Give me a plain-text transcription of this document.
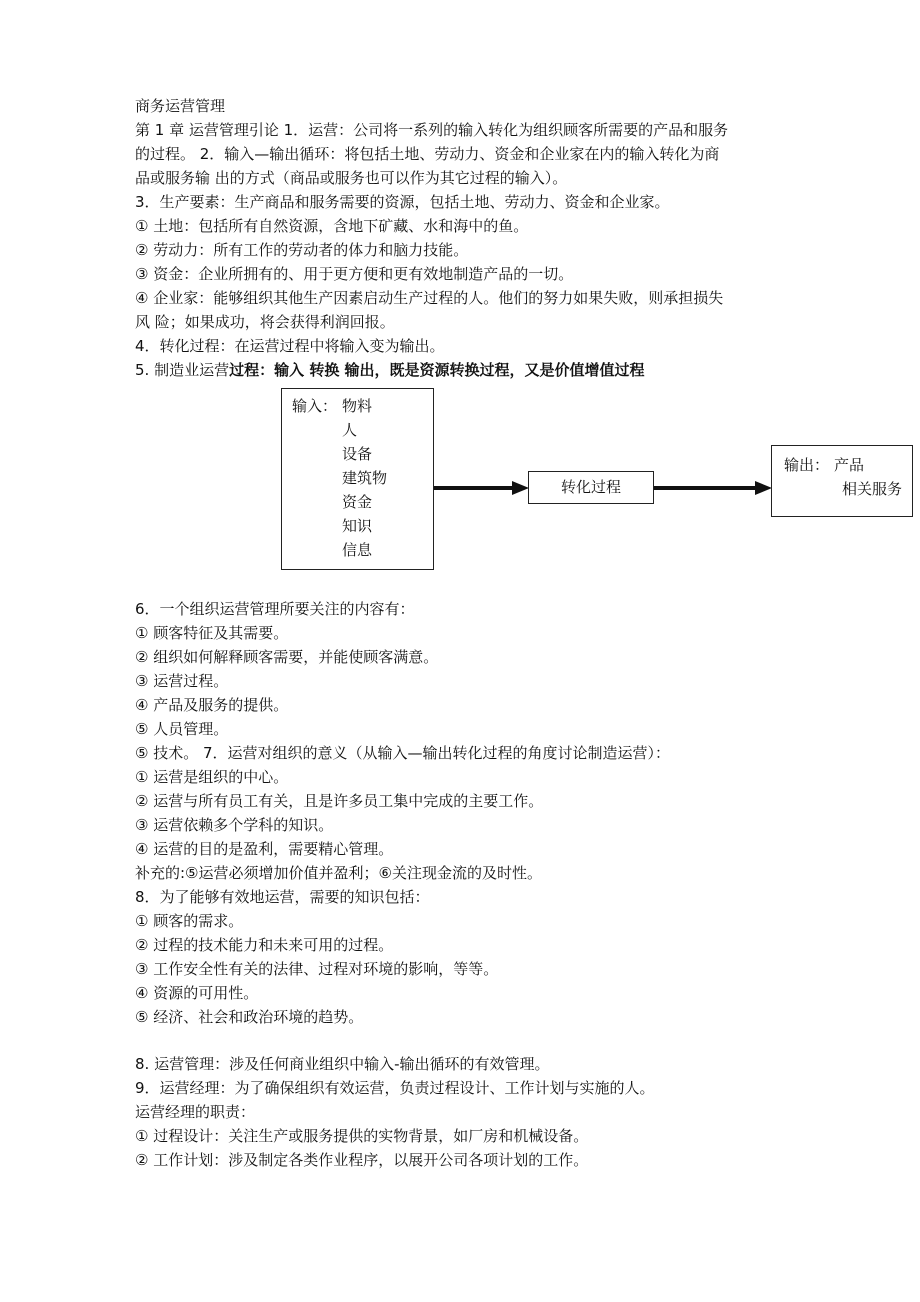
商务运营管理
第 1 章 运营管理引论 1．运营：公司将一系列的输入转化为组织顾客所需要的产品和服务
的过程。 2．输入—输出循环：将包括土地、劳动力、资金和企业家在内的输入转化为商
品或服务输 出的方式（商品或服务也可以作为其它过程的输入）。
3．生产要素：生产商品和服务需要的资源，包括土地、劳动力、资金和企业家。
① 土地：包括所有自然资源，含地下矿藏、水和海中的鱼。
② 劳动力：所有工作的劳动者的体力和脑力技能。
③ 资金：企业所拥有的、用于更方便和更有效地制造产品的一切。
④ 企业家：能够组织其他生产因素启动生产过程的人。他们的努力如果失败，则承担损失
风 险；如果成功，将会获得利润回报。
4．转化过程：在运营过程中将输入变为输出。
5. 制造业运营过程：输入 转换 输出，既是资源转换过程，又是价值增值过程
输入： 物料
人
设备
建筑物
资金
知识
信息
转化过程
输出： 产品
相关服务
6．一个组织运营管理所要关注的内容有：
① 顾客特征及其需要。
② 组织如何解释顾客需要，并能使顾客满意。
③ 运营过程。
④ 产品及服务的提供。
⑤ 人员管理。
⑤ 技术。 7．运营对组织的意义（从输入—输出转化过程的角度讨论制造运营）：
① 运营是组织的中心。
② 运营与所有员工有关，且是许多员工集中完成的主要工作。
③ 运营依赖多个学科的知识。
④ 运营的目的是盈利，需要精心管理。
补充的:⑤运营必须增加价值并盈利；⑥关注现金流的及时性。
8．为了能够有效地运营，需要的知识包括：
① 顾客的需求。
② 过程的技术能力和未来可用的过程。
③ 工作安全性有关的法律、过程对环境的影响，等等。
④ 资源的可用性。
⑤ 经济、社会和政治环境的趋势。
8. 运营管理：涉及任何商业组织中输入-输出循环的有效管理。
9．运营经理：为了确保组织有效运营，负责过程设计、工作计划与实施的人。
运营经理的职责：
① 过程设计：关注生产或服务提供的实物背景，如厂房和机械设备。
② 工作计划：涉及制定各类作业程序，以展开公司各项计划的工作。
